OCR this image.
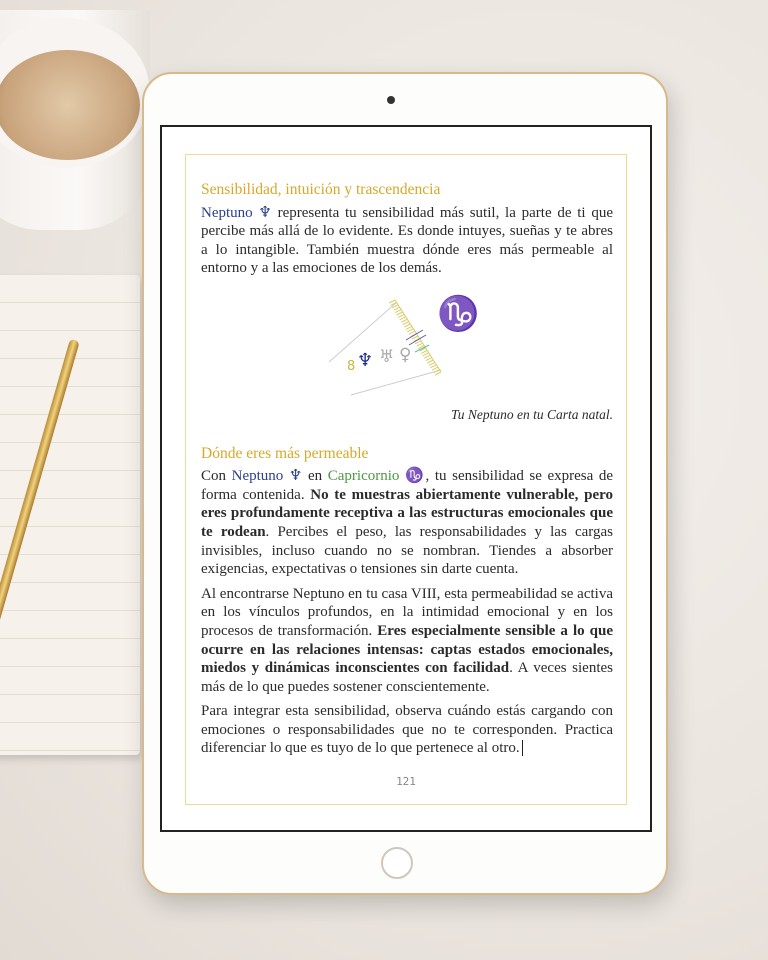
Sensibilidad, intuición y trascendencia

Neptuno ♆ representa tu sensibilidad más sutil, la parte de ti que percibe más allá de lo evidente. Es donde intuyes, sueñas y te abres a lo intangible. También muestra dónde eres más permeable al entorno y a las emociones de los demás.

♑
8 ♆ ♅ ♀
Tu Neptuno en tu Carta natal.
Dónde eres más permeable

Con Neptuno ♆ en Capricornio ♑, tu sensibilidad se expresa de forma contenida. No te muestras abiertamente vulnerable, pero eres profundamente receptiva a las estructuras emocionales que te rodean. Percibes el peso, las responsabilidades y las cargas invisibles, incluso cuando no se nombran. Tiendes a absorber exigencias, expectativas o tensiones sin darte cuenta.

Al encontrarse Neptuno en tu casa VIII, esta permeabilidad se activa en los vínculos profundos, en la intimidad emocional y en los procesos de transformación. Eres especialmente sensible a lo que ocurre en las relaciones intensas: captas estados emocionales, miedos y dinámicas inconscientes con facilidad. A veces sientes más de lo que puedes sostener conscientemente.

Para integrar esta sensibilidad, observa cuándo estás cargando con emociones o responsabilidades que no te corresponden. Practica diferenciar lo que es tuyo de lo que pertenece al otro.

121
